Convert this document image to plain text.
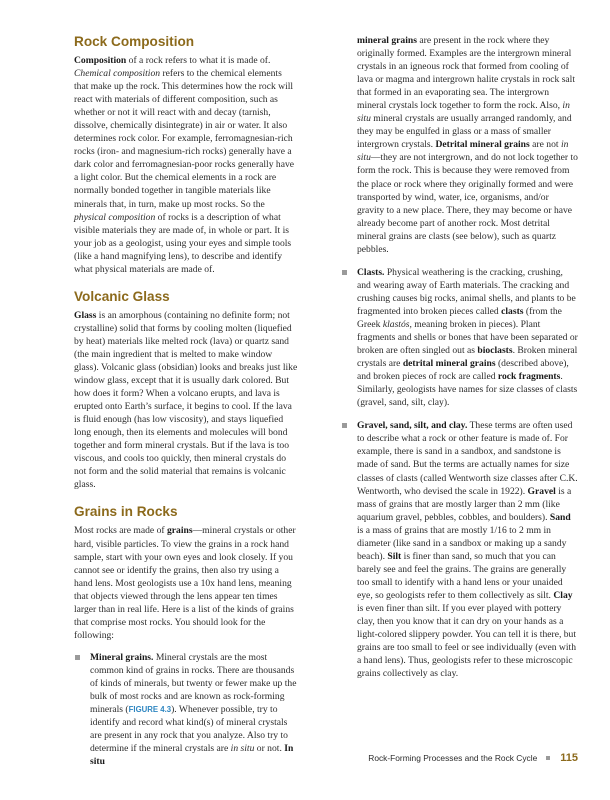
Rock Composition

Composition of a rock refers to what it is made of. Chemical composition refers to the chemical elements that make up the rock. This determines how the rock will react with materials of different composition, such as whether or not it will react with and decay (tarnish, dissolve, chemically disintegrate) in air or water. It also determines rock color. For example, ferromagnesian-rich rocks (iron- and magnesium-rich rocks) generally have a dark color and ferromagnesian-poor rocks generally have a light color. But the chemical elements in a rock are normally bonded together in tangible materials like minerals that, in turn, make up most rocks. So the physical composition of rocks is a description of what visible materials they are made of, in whole or part. It is your job as a geologist, using your eyes and simple tools (like a hand magnifying lens), to describe and identify what physical materials are made of.

Volcanic Glass

Glass is an amorphous (containing no definite form; not crystalline) solid that forms by cooling molten (liquefied by heat) materials like melted rock (lava) or quartz sand (the main ingredient that is melted to make window glass). Volcanic glass (obsidian) looks and breaks just like window glass, except that it is usually dark colored. But how does it form? When a volcano erupts, and lava is erupted onto Earth’s surface, it begins to cool. If the lava is fluid enough (has low viscosity), and stays liquefied long enough, then its elements and molecules will bond together and form mineral crystals. But if the lava is too viscous, and cools too quickly, then mineral crystals do not form and the solid material that remains is volcanic glass.

Grains in Rocks

Most rocks are made of grains—mineral crystals or other hard, visible particles. To view the grains in a rock hand sample, start with your own eyes and look closely. If you cannot see or identify the grains, then also try using a hand lens. Most geologists use a 10x hand lens, meaning that objects viewed through the lens appear ten times larger than in real life. Here is a list of the kinds of grains that comprise most rocks. You should look for the following:

Mineral grains. Mineral crystals are the most common kind of grains in rocks. There are thousands of kinds of minerals, but twenty or fewer make up the bulk of most rocks and are known as rock-forming minerals (FIGURE 4.3). Whenever possible, try to identify and record what kind(s) of mineral crystals are present in any rock that you analyze. Also try to determine if the mineral crystals are in situ or not. In situ

mineral grains are present in the rock where they originally formed. Examples are the intergrown mineral crystals in an igneous rock that formed from cooling of lava or magma and intergrown halite crystals in rock salt that formed in an evaporating sea. The intergrown mineral crystals lock together to form the rock. Also, in situ mineral crystals are usually arranged randomly, and they may be engulfed in glass or a mass of smaller intergrown crystals. Detrital mineral grains are not in situ—they are not intergrown, and do not lock together to form the rock. This is because they were removed from the place or rock where they originally formed and were transported by wind, water, ice, organisms, and/or gravity to a new place. There, they may become or have already become part of another rock. Most detrital mineral grains are clasts (see below), such as quartz pebbles.

Clasts. Physical weathering is the cracking, crushing, and wearing away of Earth materials. The cracking and crushing causes big rocks, animal shells, and plants to be fragmented into broken pieces called clasts (from the Greek klastós, meaning broken in pieces). Plant fragments and shells or bones that have been separated or broken are often singled out as bioclasts. Broken mineral crystals are detrital mineral grains (described above), and broken pieces of rock are called rock fragments. Similarly, geologists have names for size classes of clasts (gravel, sand, silt, clay).

Gravel, sand, silt, and clay. These terms are often used to describe what a rock or other feature is made of. For example, there is sand in a sandbox, and sandstone is made of sand. But the terms are actually names for size classes of clasts (called Wentworth size classes after C.K. Wentworth, who devised the scale in 1922). Gravel is a mass of grains that are mostly larger than 2 mm (like aquarium gravel, pebbles, cobbles, and boulders). Sand is a mass of grains that are mostly 1/16 to 2 mm in diameter (like sand in a sandbox or making up a sandy beach). Silt is finer than sand, so much that you can barely see and feel the grains. The grains are generally too small to identify with a hand lens or your unaided eye, so geologists refer to them collectively as silt. Clay is even finer than silt. If you ever played with pottery clay, then you know that it can dry on your hands as a light-colored slippery powder. You can tell it is there, but grains are too small to feel or see individually (even with a hand lens). Thus, geologists refer to these microscopic grains collectively as clay.

Rock-Forming Processes and the Rock Cycle 115
